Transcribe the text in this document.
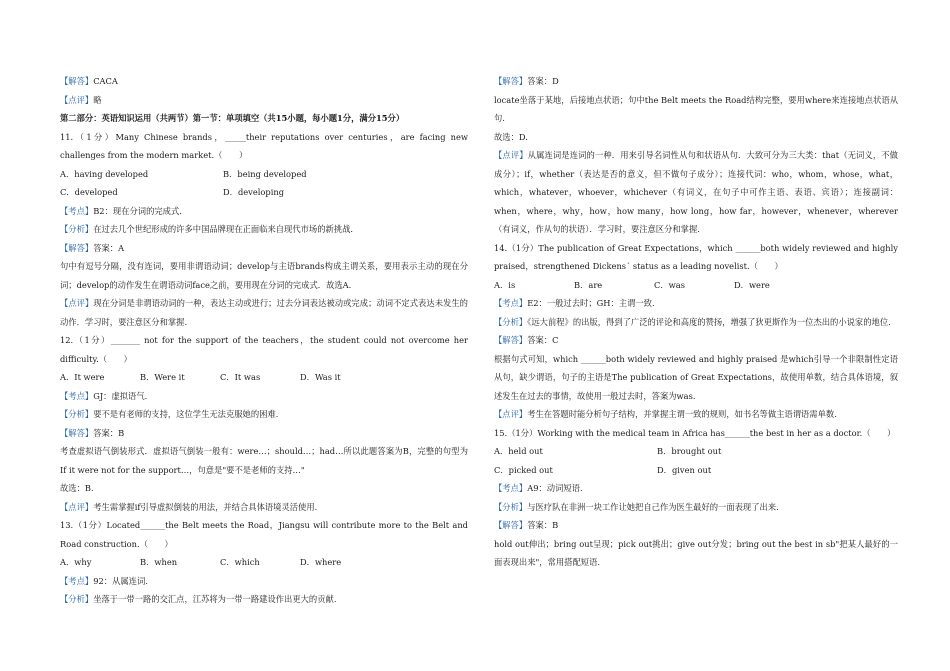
【解答】CACA

【点评】略

第二部分：英语知识运用（共两节）第一节：单项填空（共15小题，每小题1分，满分15分）

11.（1分）Many Chinese brands，_____their reputations over centuries，are facing new challenges from the modern market.（　　）

A．having developed	B．being developed
C．developed	D．developing

【考点】B2：现在分词的完成式.

【分析】在过去几个世纪形成的许多中国品牌现在正面临来自现代市场的新挑战.

【解答】答案：A

句中有逗号分隔，没有连词，要用非谓语动词；develop与主语brands构成主谓关系，要用表示主动的现在分词；develop的动作发生在谓语动词face之前，要用现在分词的完成式．故选A.

【点评】现在分词是非谓语动词的一种，表达主动或进行；过去分词表达被动或完成；动词不定式表达未发生的动作．学习时，要注意区分和掌握.

12.（1分）_______ not for the support of the teachers，the student could not overcome her difficulty.（　　）

A．It were	B．Were it	C．It was	D．Was it

【考点】GJ：虚拟语气.

【分析】要不是有老师的支持，这位学生无法克服她的困难.

【解答】答案：B

考查虚拟语气倒装形式．虚拟语气倒装一般有：were…；should…；had…所以此题答案为B，完整的句型为If it were not for the support…，句意是"要不是老师的支持…"

故选：B.

【点评】考生需掌握if引导虚拟倒装的用法，并结合具体语境灵活使用.

13.（1分）Located______the Belt meets the Road，Jiangsu will contribute more to the Belt and Road construction.（　　）

A．why	B．when	C．which	D．where

【考点】92：从属连词.

【分析】坐落于一带一路的交汇点，江苏将为一带一路建设作出更大的贡献.

【解答】答案：D

locate坐落于某地，后接地点状语；句中the Belt meets the Road结构完整，要用where来连接地点状语从句.

故选：D.

【点评】从属连词是连词的一种．用来引导名词性从句和状语从句．大致可分为三大类：that（无词义，不做成分）；if，whether（表达是否的意义，但不做句子成分）；连接代词：who，whom，whose，what，which，whatever，whoever，whichever（有词义，在句子中可作主语、表语、宾语）；连接副词：when，where，why，how，how many，how long，how far，however，whenever，wherever（有词义，作从句的状语）．学习时，要注意区分和掌握.

14.（1分）The publication of Great Expectations，which ______both widely reviewed and highly praised，strengthened Dickens´ status as a leading novelist.（　　）

A．is	B．are	C．was	D．were

【考点】E2：一般过去时；GH：主谓一致.

【分析】《远大前程》的出版，得到了广泛的评论和高度的赞扬，增强了狄更斯作为一位杰出的小说家的地位.

【解答】答案：C

根据句式可知，which ______both widely reviewed and highly praised 是which引导一个非限制性定语从句，缺少谓语，句子的主语是The publication of Great Expectations，故使用单数，结合具体语境，叙述发生在过去的事情，故使用一般过去时，答案为was.

【点评】考生在答题时能分析句子结构，并掌握主谓一致的规则，如书名等做主语谓语需单数.

15.（1分）Working with the medical team in Africa has______the best in her as a doctor.（　　）

A．held out	B．brought out
C．picked out	D．given out

【考点】A9：动词短语.

【分析】与医疗队在非洲一块工作让她把自己作为医生最好的一面表现了出来.

【解答】答案：B

hold out伸出；bring out呈现；pick out挑出；give out分发；bring out the best in sb"把某人最好的一面表现出来"，常用搭配短语.
